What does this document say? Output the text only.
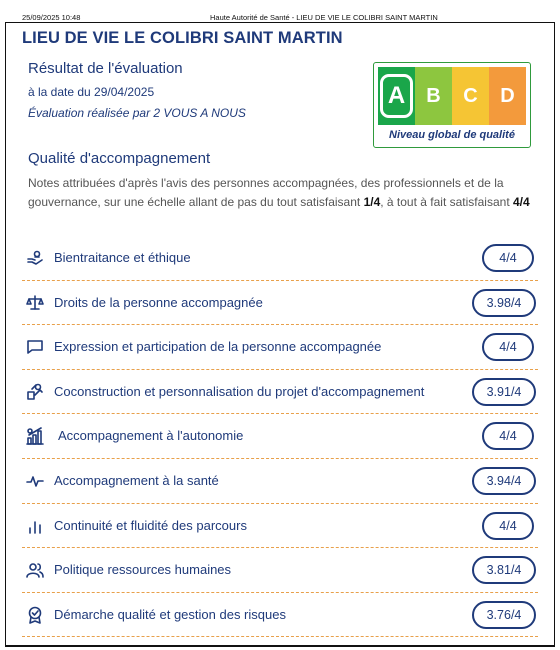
25/09/2025 10:48	Haute Autorité de Santé - LIEU DE VIE LE COLIBRI SAINT MARTIN
LIEU DE VIE LE COLIBRI SAINT MARTIN
Résultat de l'évaluation
à la date du 29/04/2025
Évaluation réalisée par 2 VOUS A NOUS
A	B	C	D
Niveau global de qualité
Qualité d'accompagnement
Notes attribuées d'après l'avis des personnes accompagnées, des professionnels et de la gouvernance, sur une échelle allant de pas du tout satisfaisant 1/4, à tout à fait satisfaisant 4/4
Bientraitance et éthique	4/4
Droits de la personne accompagnée	3.98/4
Expression et participation de la personne accompagnée	4/4
Coconstruction et personnalisation du projet d'accompagnement	3.91/4
Accompagnement à l'autonomie	4/4
Accompagnement à la santé	3.94/4
Continuité et fluidité des parcours	4/4
Politique ressources humaines	3.81/4
Démarche qualité et gestion des risques	3.76/4
